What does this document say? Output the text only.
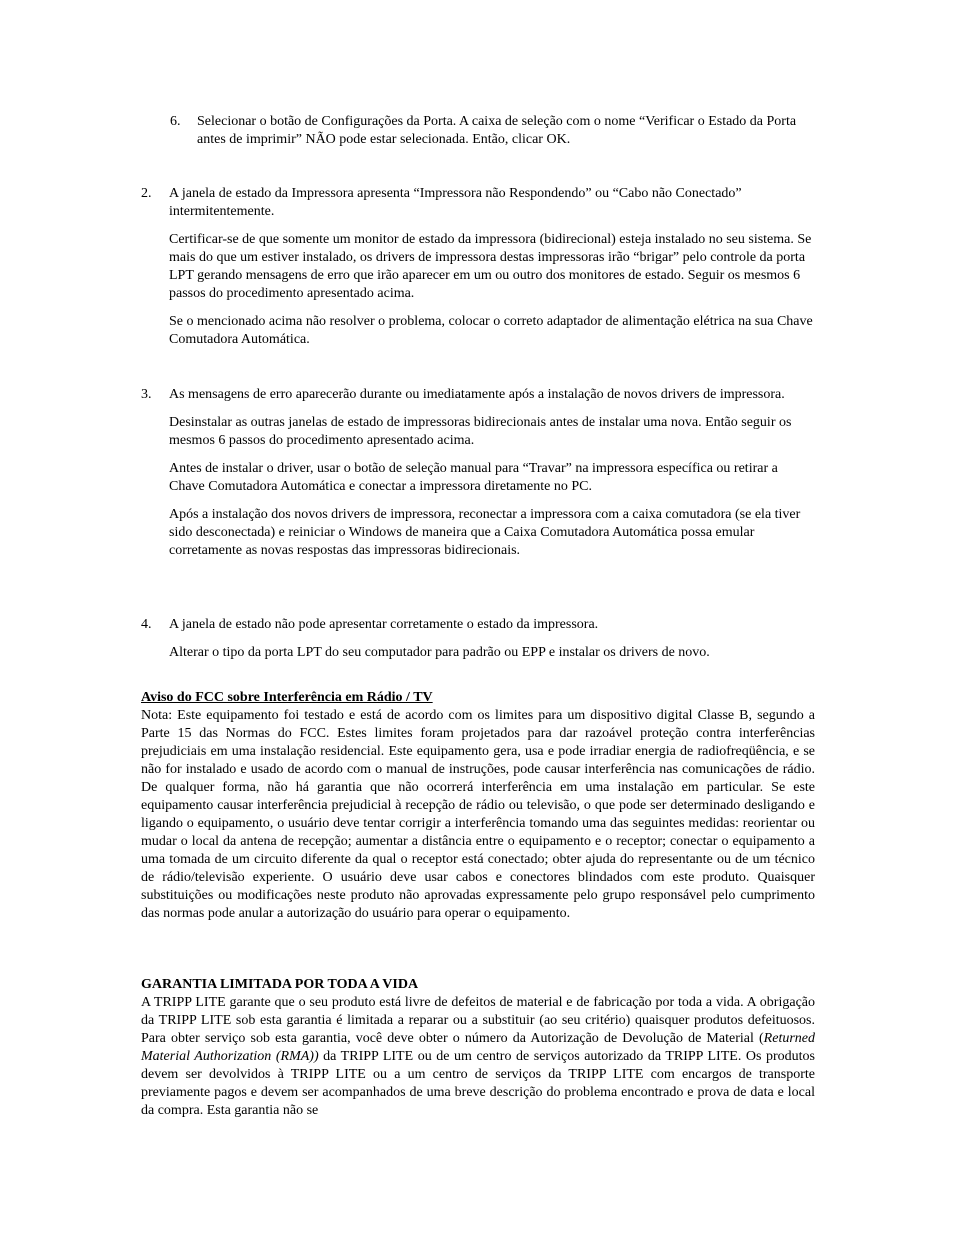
6.	Selecionar o botão de Configurações da Porta. A caixa de seleção com o nome “Verificar o Estado da Porta antes de imprimir” NÃO pode estar selecionada. Então, clicar OK.

2.	A janela de estado da Impressora apresenta “Impressora não Respondendo” ou “Cabo não Conectado” intermitentemente.

Certificar-se de que somente um monitor de estado da impressora (bidirecional) esteja instalado no seu sistema. Se mais do que um estiver instalado, os drivers de impressora destas impressoras irão “brigar” pelo controle da porta LPT gerando mensagens de erro que irão aparecer em um ou outro dos monitores de estado. Seguir os mesmos 6 passos do procedimento apresentado acima.

Se o mencionado acima não resolver o problema, colocar o correto adaptador de alimentação elétrica na sua Chave Comutadora Automática.

3.	As mensagens de erro aparecerão durante ou imediatamente após a instalação de novos drivers de impressora.

Desinstalar as outras janelas de estado de impressoras bidirecionais antes de instalar uma nova. Então seguir os mesmos 6 passos do procedimento apresentado acima.

Antes de instalar o driver, usar o botão de seleção manual para “Travar” na impressora específica ou retirar a Chave Comutadora Automática e conectar a impressora diretamente no PC.

Após a instalação dos novos drivers de impressora, reconectar a impressora com a caixa comutadora (se ela tiver sido desconectada) e reiniciar o Windows de maneira que a Caixa Comutadora Automática possa emular corretamente as novas respostas das impressoras bidirecionais.

4.	A janela de estado não pode apresentar corretamente o estado da impressora.

Alterar o tipo da porta LPT do seu computador para padrão ou EPP e instalar os drivers de novo.

Aviso do FCC sobre Interferência em Rádio / TV

Nota: Este equipamento foi testado e está de acordo com os limites para um dispositivo digital Classe B, segundo a Parte 15 das Normas do FCC. Estes limites foram projetados para dar razoável proteção contra interferências prejudiciais em uma instalação residencial. Este equipamento gera, usa e pode irradiar energia de radiofreqüência, e se não for instalado e usado de acordo com o manual de instruções, pode causar interferência nas comunicações de rádio. De qualquer forma, não há garantia que não ocorrerá interferência em uma instalação em particular. Se este equipamento causar interferência prejudicial à recepção de rádio ou televisão, o que pode ser determinado desligando e ligando o equipamento, o usuário deve tentar corrigir a interferência tomando uma das seguintes medidas: reorientar ou mudar o local da antena de recepção; aumentar a distância entre o equipamento e o receptor; conectar o equipamento a uma tomada de um circuito diferente da qual o receptor está conectado; obter ajuda do representante ou de um técnico de rádio/televisão experiente. O usuário deve usar cabos e conectores blindados com este produto. Quaisquer substituições ou modificações neste produto não aprovadas expressamente pelo grupo responsável pelo cumprimento das normas pode anular a autorização do usuário para operar o equipamento.

GARANTIA LIMITADA POR TODA A VIDA

A TRIPP LITE garante que o seu produto está livre de defeitos de material e de fabricação por toda a vida. A obrigação da TRIPP LITE sob esta garantia é limitada a reparar ou a substituir (ao seu critério) quaisquer produtos defeituosos. Para obter serviço sob esta garantia, você deve obter o número da Autorização de Devolução de Material (Returned Material Authorization (RMA)) da TRIPP LITE ou de um centro de serviços autorizado da TRIPP LITE. Os produtos devem ser devolvidos à TRIPP LITE ou a um centro de serviços da TRIPP LITE com encargos de transporte previamente pagos e devem ser acompanhados de uma breve descrição do problema encontrado e prova de data e local da compra. Esta garantia não se
